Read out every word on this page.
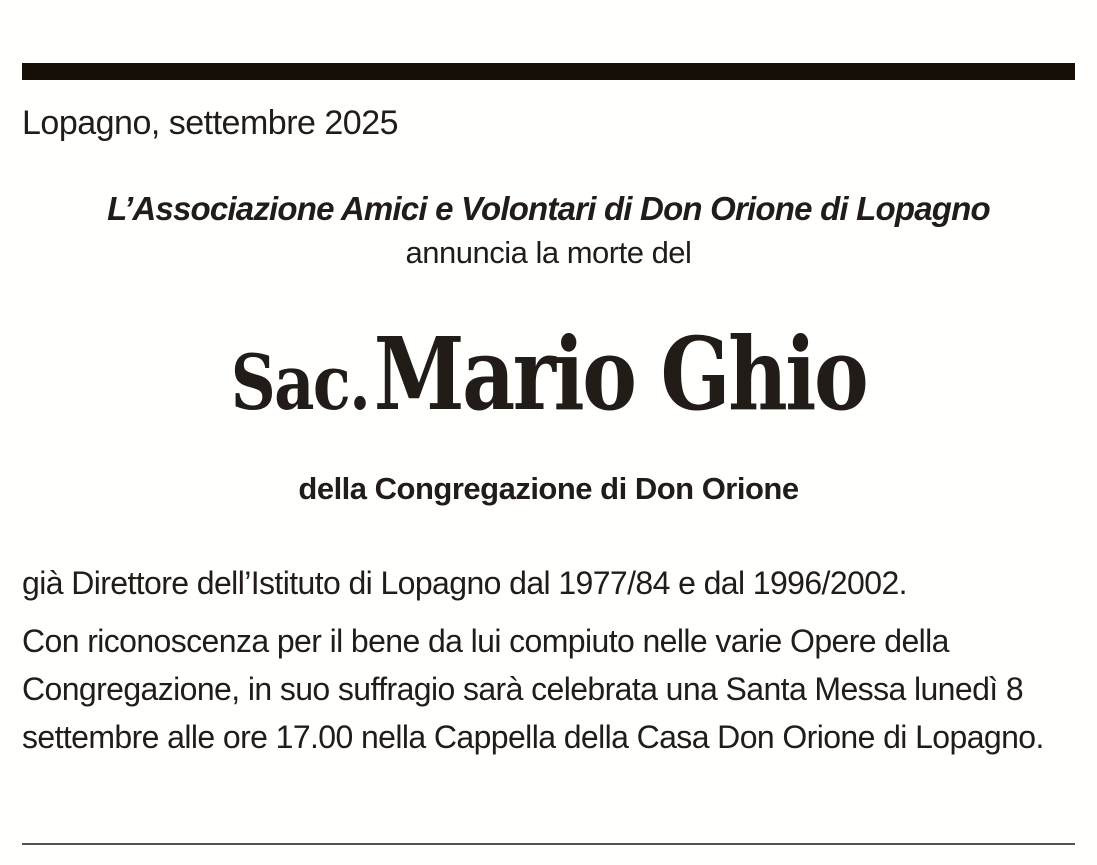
Lopagno, settembre 2025
L’Associazione Amici e Volontari di Don Orione di Lopagno
annuncia la morte del
Sac. Mario Ghio
della Congregazione di Don Orione

già Direttore dell’Istituto di Lopagno dal 1977/84 e dal 1996/2002.

Con riconoscenza per il bene da lui compiuto nelle varie Opere della Congregazione, in suo suffragio sarà celebrata una Santa Messa lunedì 8 settembre alle ore 17.00 nella Cappella della Casa Don Orione di Lopagno.
